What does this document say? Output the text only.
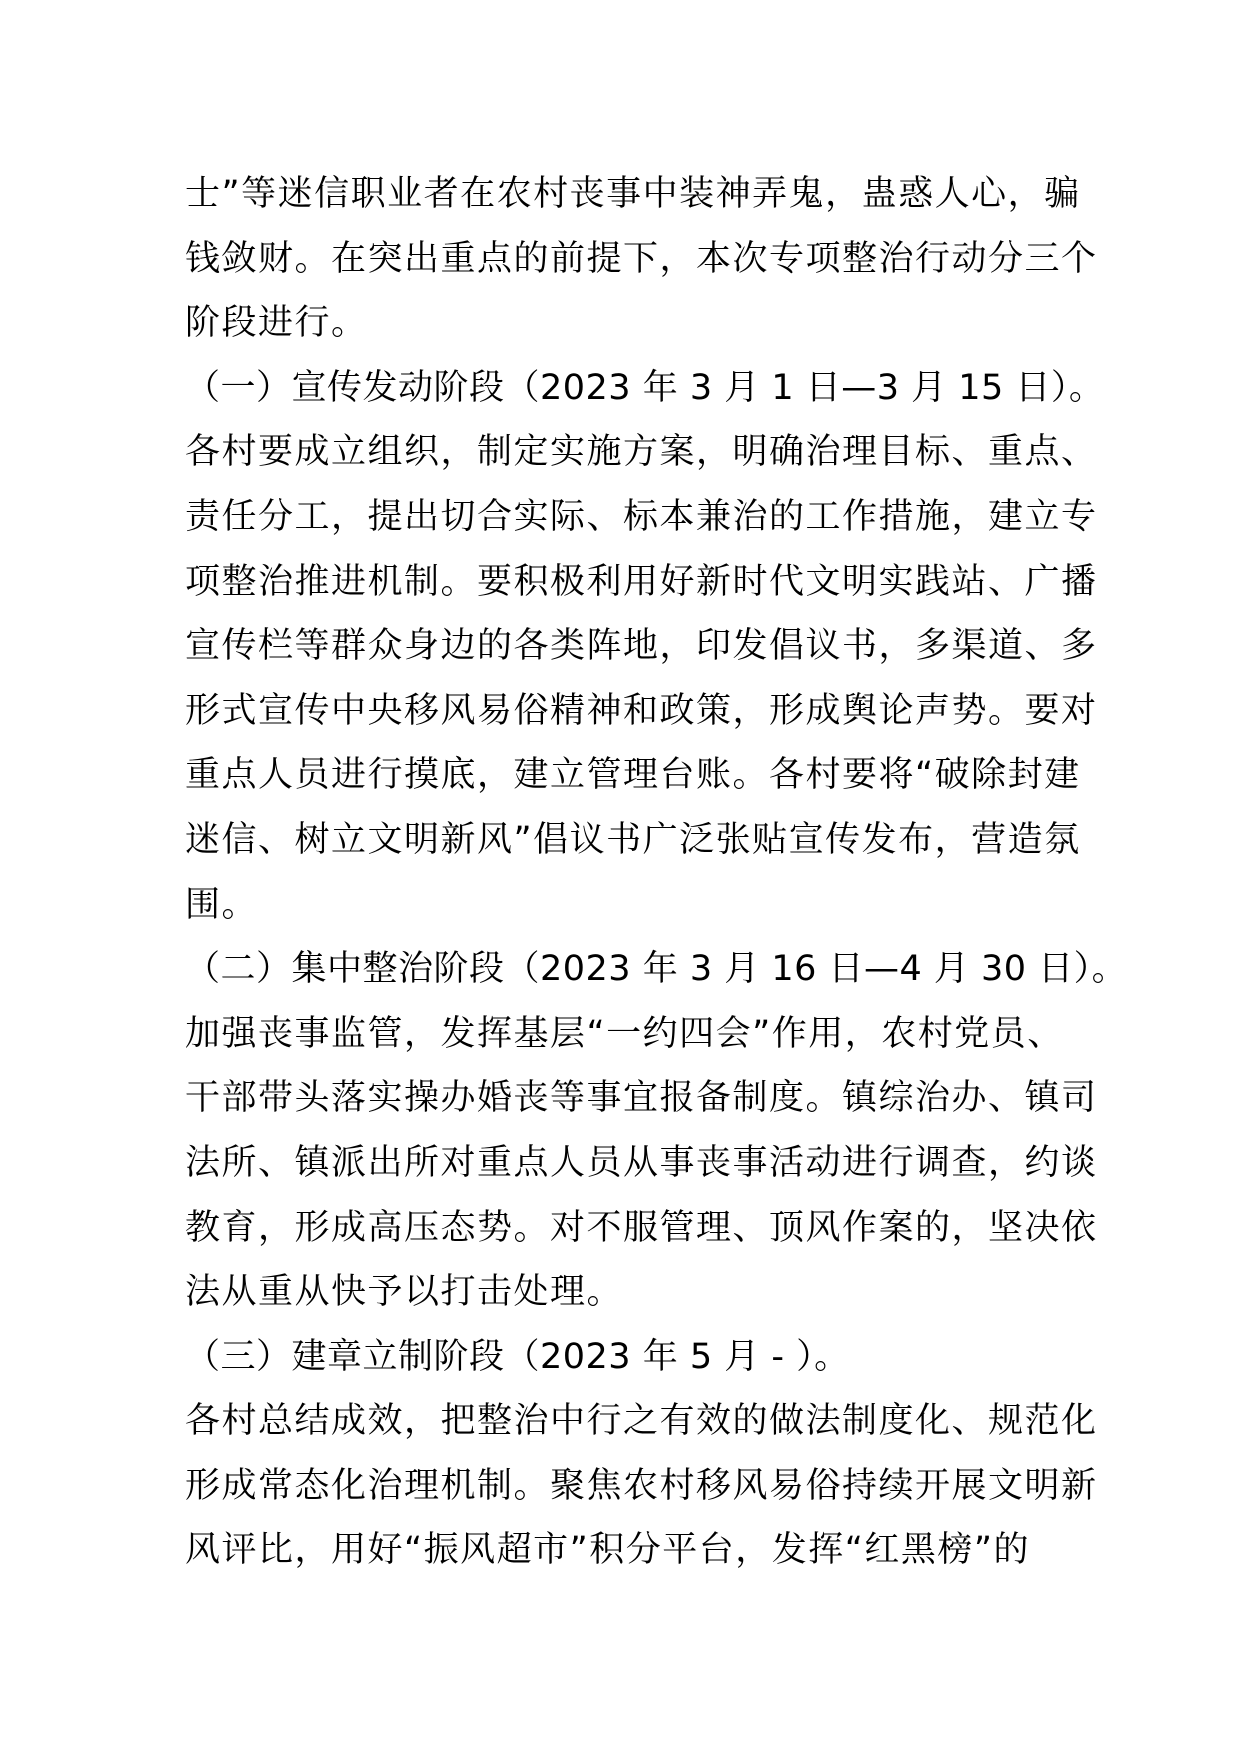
士”等迷信职业者在农村丧事中装神弄鬼，蛊惑人心，骗
钱敛财。在突出重点的前提下，本次专项整治行动分三个
阶段进行。
（一）宣传发动阶段（2023 年 3 月 1 日—3 月 15 日）。
各村要成立组织，制定实施方案，明确治理目标、重点、
责任分工，提出切合实际、标本兼治的工作措施，建立专
项整治推进机制。要积极利用好新时代文明实践站、广播
宣传栏等群众身边的各类阵地，印发倡议书，多渠道、多
形式宣传中央移风易俗精神和政策，形成舆论声势。要对
重点人员进行摸底，建立管理台账。各村要将“破除封建
迷信、树立文明新风”倡议书广泛张贴宣传发布，营造氛
围。
（二）集中整治阶段（2023 年 3 月 16 日—4 月 30 日）。
加强丧事监管，发挥基层“一约四会”作用，农村党员、
干部带头落实操办婚丧等事宜报备制度。镇综治办、镇司
法所、镇派出所对重点人员从事丧事活动进行调查，约谈
教育，形成高压态势。对不服管理、顶风作案的，坚决依
法从重从快予以打击处理。
（三）建章立制阶段（2023 年 5 月 - ）。
各村总结成效，把整治中行之有效的做法制度化、规范化
形成常态化治理机制。聚焦农村移风易俗持续开展文明新
风评比，用好“振风超市”积分平台，发挥“红黑榜”的
